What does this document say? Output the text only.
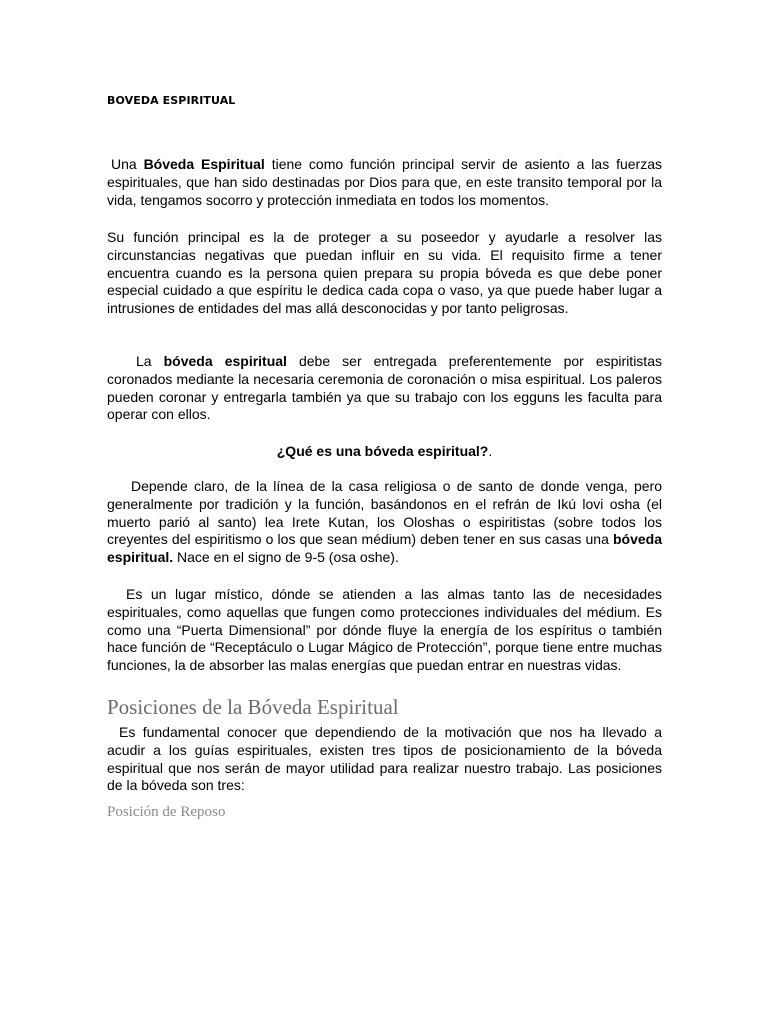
BOVEDA ESPIRITUAL

Una Bóveda Espiritual tiene como función principal servir de asiento a las fuerzas espirituales, que han sido destinadas por Dios para que, en este transito temporal por la vida, tengamos socorro y protección inmediata en todos los momentos.

Su función principal es la de proteger a su poseedor y ayudarle a resolver las circunstancias negativas que puedan influir en su vida. El requisito firme a tener encuentra cuando es la persona quien prepara su propia bóveda es que debe poner especial cuidado a que espíritu le dedica cada copa o vaso, ya que puede haber lugar a intrusiones de entidades del mas allá desconocidas y por tanto peligrosas.

La bóveda espiritual debe ser entregada preferentemente por espiritistas coronados mediante la necesaria ceremonia de coronación o misa espiritual. Los paleros pueden coronar y entregarla también ya que su trabajo con los egguns les faculta para operar con ellos.

¿Qué es una bóveda espiritual?.

Depende claro, de la línea de la casa religiosa o de santo de donde venga, pero generalmente por tradición y la función, basándonos en el refrán de Ikú lovi osha (el muerto parió al santo) lea Irete Kutan, los Oloshas o espiritistas (sobre todos los creyentes del espiritismo o los que sean médium) deben tener en sus casas una bóveda espiritual. Nace en el signo de 9-5 (osa oshe).

Es un lugar místico, dónde se atienden a las almas tanto las de necesidades espirituales, como aquellas que fungen como protecciones individuales del médium. Es como una “Puerta Dimensional” por dónde fluye la energía de los espíritus o también hace función de “Receptáculo o Lugar Mágico de Protección”, porque tiene entre muchas funciones, la de absorber las malas energías que puedan entrar en nuestras vidas.

Posiciones de la Bóveda Espiritual

Es fundamental conocer que dependiendo de la motivación que nos ha llevado a acudir a los guías espirituales, existen tres tipos de posicionamiento de la bóveda espiritual que nos serán de mayor utilidad para realizar nuestro trabajo. Las posiciones de la bóveda son tres:

Posición de Reposo
